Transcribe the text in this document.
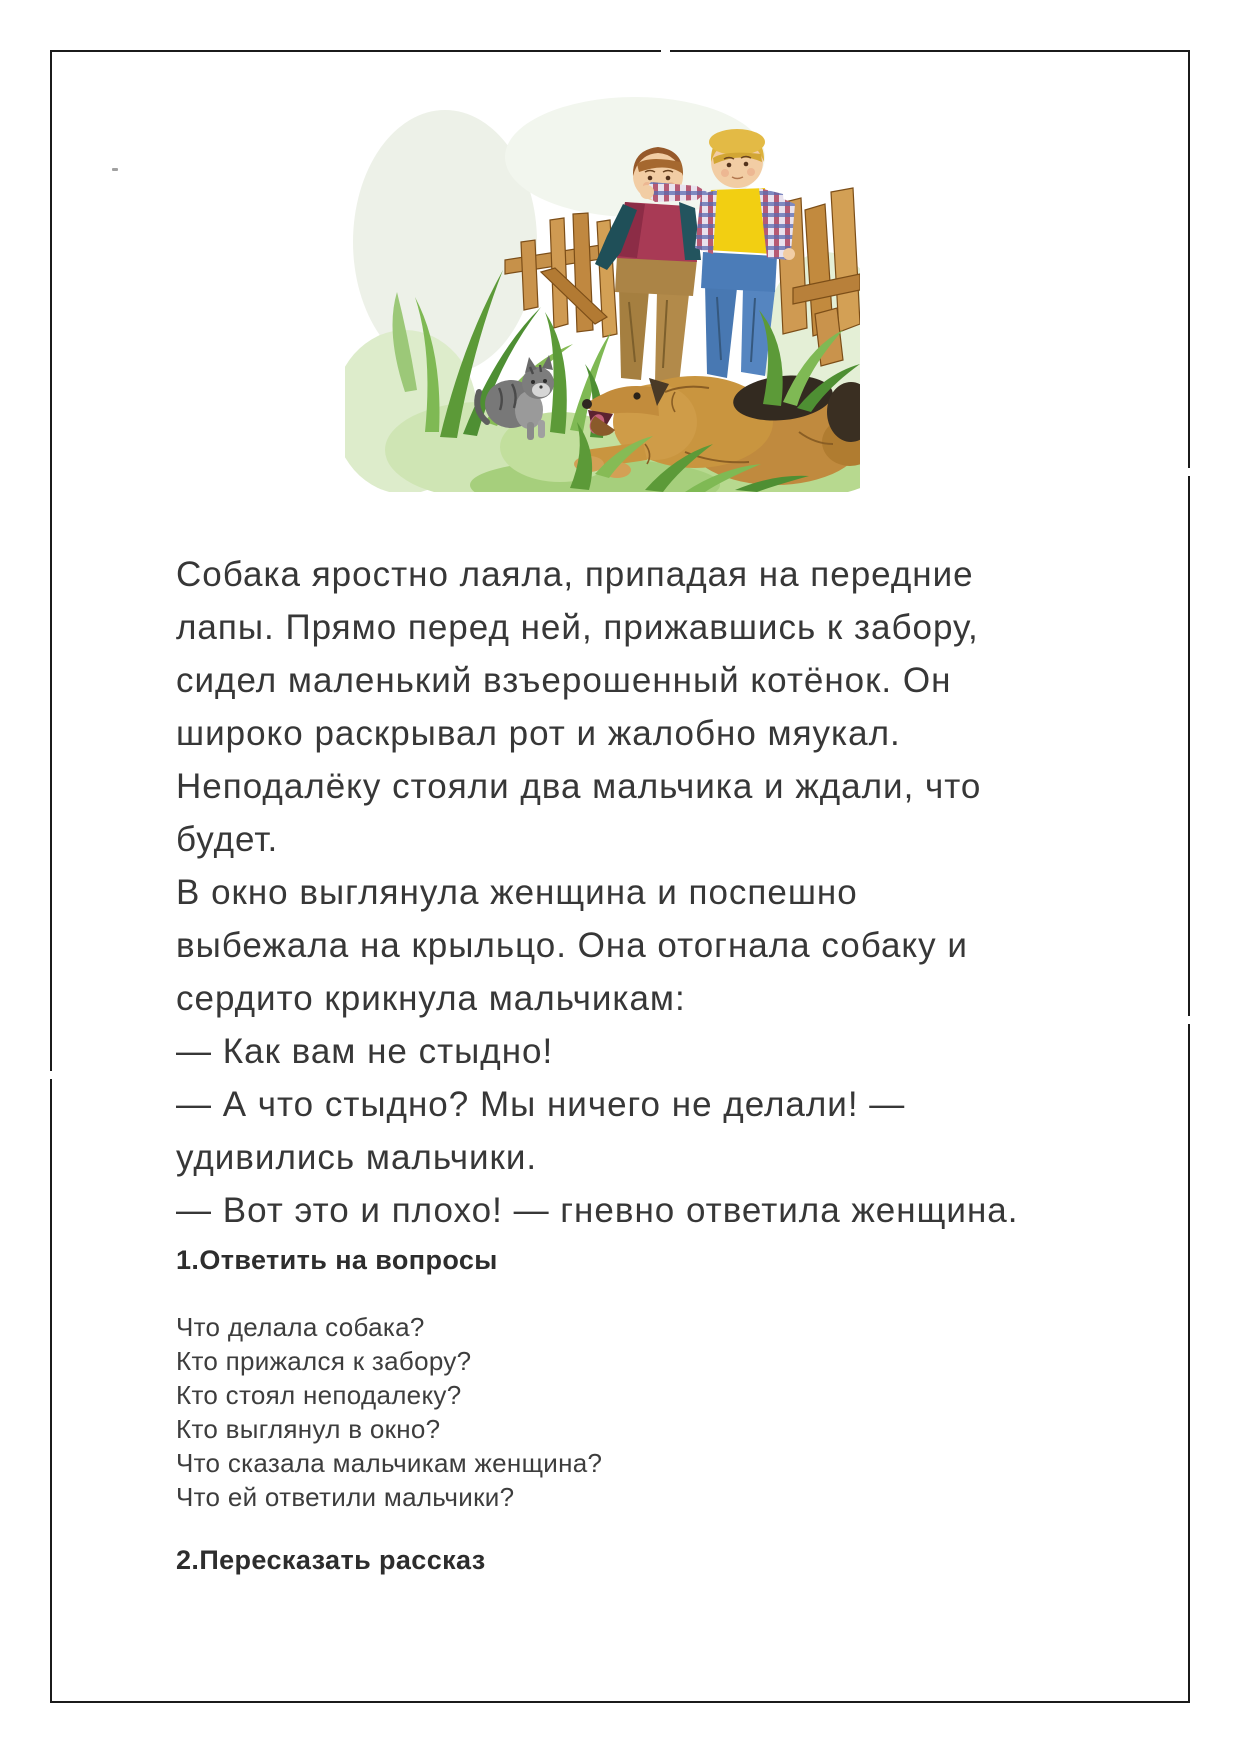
Собака яростно лаяла, припадая на передние
лапы. Прямо перед ней, прижавшись к забору,
сидел маленький взъерошенный котёнок. Он
широко раскрывал рот и жалобно мяукал.
Неподалёку стояли два мальчика и ждали, что
будет.
В окно выглянула женщина и поспешно
выбежала на крыльцо. Она отогнала собаку и
сердито крикнула мальчикам:
— Как вам не стыдно!
— А что стыдно? Мы ничего не делали! —
удивились мальчики.
— Вот это и плохо! — гневно ответила женщина.
1.Ответить на вопросы
Что делала собака?
Кто прижался к забору?
Кто стоял неподалеку?
Кто выглянул в окно?
Что сказала мальчикам женщина?
Что ей ответили мальчики?
2.Пересказать рассказ
